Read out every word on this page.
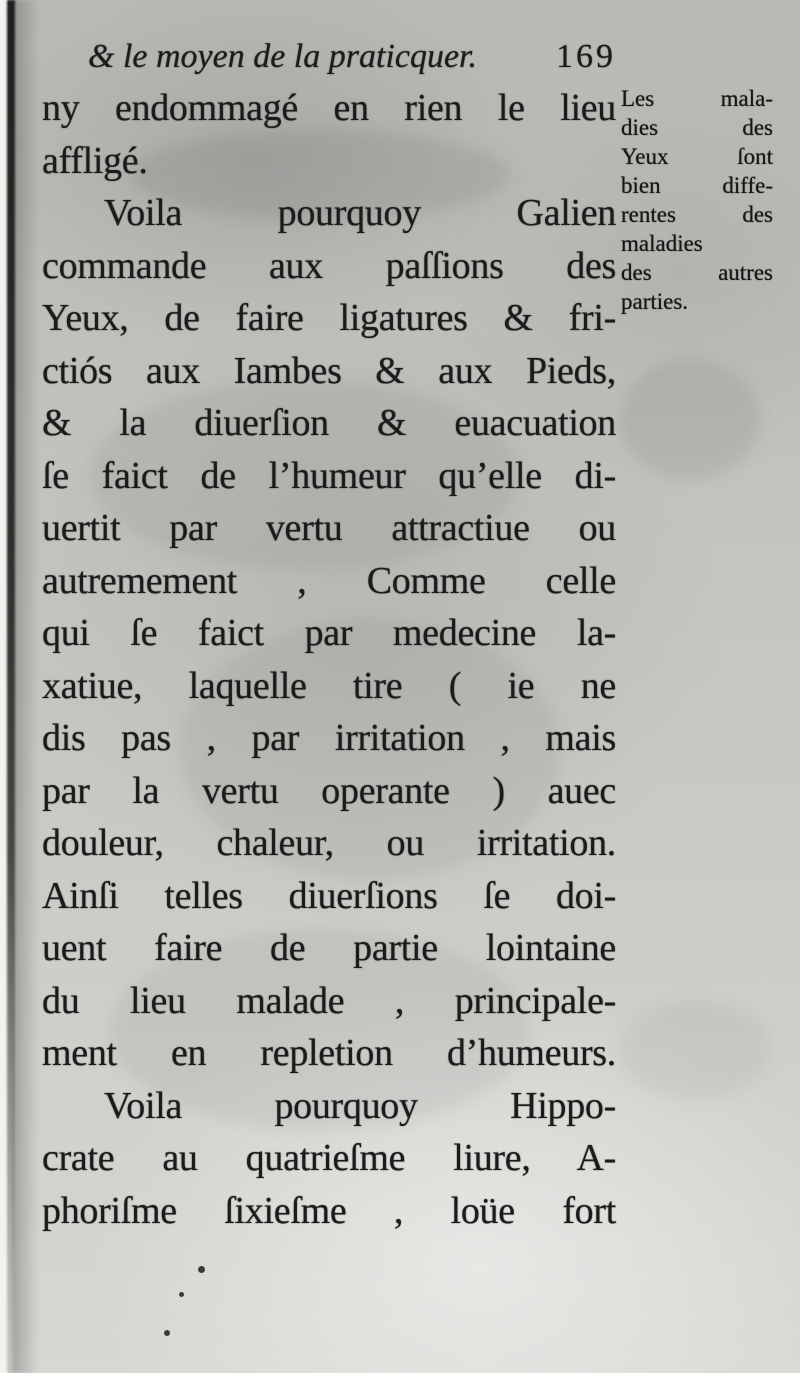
& le moyen de la praticquer. 169
ny endommagé en rien le lieu
affligé.
Voila pourquoy Galien
commande aux paſſions des
Yeux, de faire ligatures & fri-
ctiós aux Iambes & aux Pieds,
& la diuerſion & euacuation
ſe faict de l’humeur qu’elle di-
uertit par vertu attractiue ou
autremement , Comme celle
qui ſe faict par medecine la-
xatiue, laquelle tire ( ie ne
dis pas , par irritation , mais
par la vertu operante ) auec
douleur, chaleur, ou irritation.
Ainſi telles diuerſions ſe doi-
uent faire de partie lointaine
du lieu malade , principale-
ment en repletion d’humeurs.
Voila pourquoy Hippo-
crate au quatrieſme liure, A-
phoriſme ſixieſme , loüe fort
Les mala-
dies des
Yeux ſont
bien diffe-
rentes des
maladies
des autres
parties.
